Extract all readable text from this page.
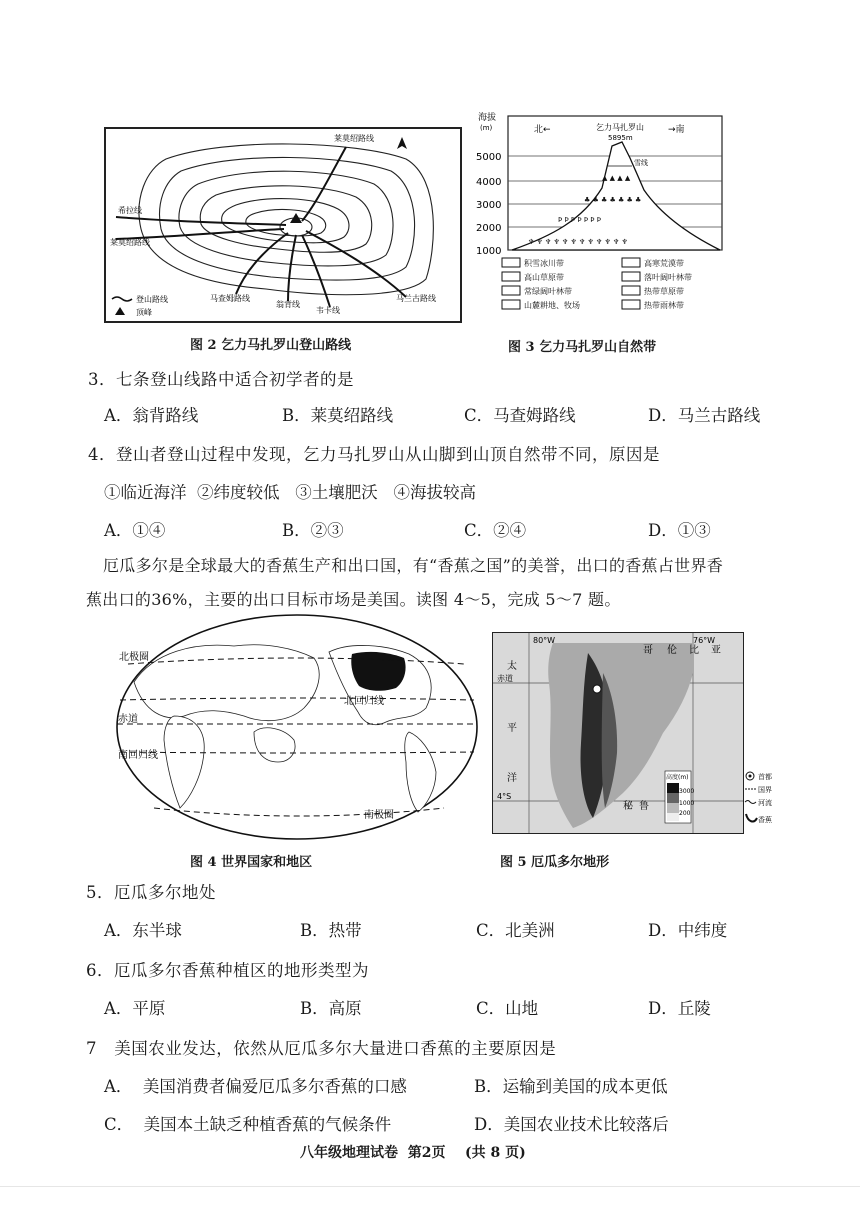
莱莫绍路线
希拉线
莱莫绍路线
马查姆路线
翁背线
韦卡线
马兰古路线
登山路线
顶峰
图 2 乞力马扎罗山登山路线
海拔
(m)
5000
4000
3000
2000
1000
北←	→南
乞力马扎罗山
5895m
雪线
▲ ▲ ▲ ▲
♣ ♣ ♣ ♣ ♣ ♣ ♣
Ϸ Ϸ Ϸ Ϸ Ϸ Ϸ Ϸ
♆ ♆ ♆ ♆ ♆ ♆ ♆ ♆ ♆ ♆ ♆ ♆
积雪冰川带	高寒荒漠带
高山草原带	落叶阔叶林带
常绿阔叶林带	热带草原带
山麓耕地、牧场	热带雨林带
图 3 乞力马扎罗山自然带
3．七条登山线路中适合初学者的是
A．翁背路线	B．莱莫绍路线	C．马查姆路线	D．马兰古路线
4．登山者登山过程中发现，乞力马扎罗山从山脚到山顶自然带不同，原因是
①临近海洋  ②纬度较低   ③土壤肥沃   ④海拔较高
A．①④	B．②③	C．②④	D．①③
厄瓜多尔是全球最大的香蕉生产和出口国，有“香蕉之国”的美誉，出口的香蕉占世界香
蕉出口的36%，主要的出口目标市场是美国。读图 4～5，完成 5～7 题。
北极圈
北回归线
赤道
南回归线
南极圈
图 4 世界国家和地区
80°W	76°W
4°S
哥 伦 比 亚
太
平
洋
赤道
秘 鲁
高度(m)
3000
1000
200
首都
国界
河流
香蕉
图 5 厄瓜多尔地形
5．厄瓜多尔地处
A．东半球	B．热带	C．北美洲	D．中纬度
6．厄瓜多尔香蕉种植区的地形类型为
A．平原	B．高原	C．山地	D．丘陵
7   美国农业发达，依然从厄瓜多尔大量进口香蕉的主要原因是
A．  美国消费者偏爱厄瓜多尔香蕉的口感	B．运输到美国的成本更低
C．  美国本土缺乏种植香蕉的气候条件	D．美国农业技术比较落后
八年级地理试卷  第2页    (共 8 页)
